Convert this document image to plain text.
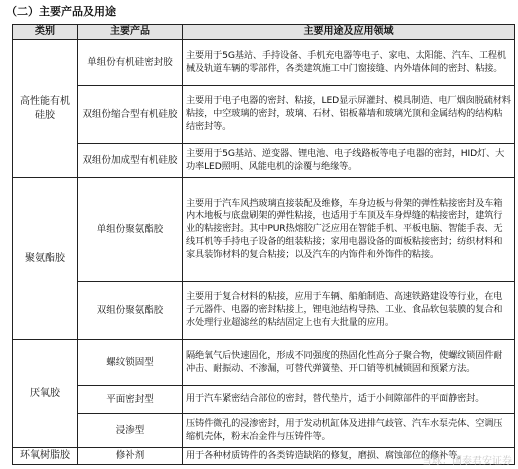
（二）主要产品及用途
类别	主要产品	主要用途及应用领域
高性能有机硅胶	单组份有机硅密封胶	主要用于5G基站、手持设备、手机充电器等电子、家电、太阳能、汽车、工程机械及轨道车辆的零部件，各类建筑施工中门窗接缝、内外墙体间的密封、粘接。
	双组份缩合型有机硅胶	主要用于电子电器的密封、粘接，LED显示屏灌封、模具制造、电厂烟囱脱硫材料粘接，中空玻璃的密封，玻璃、石材、铝板幕墙和玻璃光顶和金属结构的结构粘结密封等。
	双组份加成型有机硅胶	主要用于5G基站、逆变器、锂电池、电子线路板等电子电器的密封，HID灯、大功率LED照明、风能电机的涂覆与绝缘等。
聚氨酯胶	单组份聚氨酯胶	主要用于汽车风挡玻璃直接装配及维修，车身边板与骨架的弹性粘接密封及车箱内木地板与底盘刷架的弹性粘接，也适用于车顶及车身焊缝的粘接密封，建筑行业的粘接密封。其中PUR热熔胶广泛应用在智能手机、平板电脑、智能手表、无线耳机等手持电子设备的组装粘接；家用电器设备的面板粘接密封；纺织材料和家具装饰材料的复合粘接；以及汽车的内饰件和外饰件的粘接。
	双组份聚氨酯胶	主要用于复合材料的粘接，应用于车辆、船舶制造、高速铁路建设等行业，在电子元器件、电器的密封粘接上，锂电池结构导热、工业、食品软包装膜的复合和水处理行业超滤丝的粘结固定上也有大批量的应用。
厌氧胶	螺纹锁固型	隔绝氧气后快速固化，形成不同强度的热固化性高分子聚合物，使螺纹锁固件耐冲击、耐振动、不渗漏，可替代弹簧垫、开口销等机械锁固和预紧方法。
	平面密封型	用于汽车紧密结合部位的密封，替代垫片，适于小间隙部件的平面静密封。
	浸渗型	压铸件微孔的浸渗密封，用于发动机缸体及进排气歧管、汽车水泵壳体、空调压缩机壳体，粉末冶金件与压铸件等。
环氧树脂胶	修补剂	用于各种材质铸件的各类铸造缺陷的修复，磨损、腐蚀部位的修补等。
雪球：国泰君安证券
